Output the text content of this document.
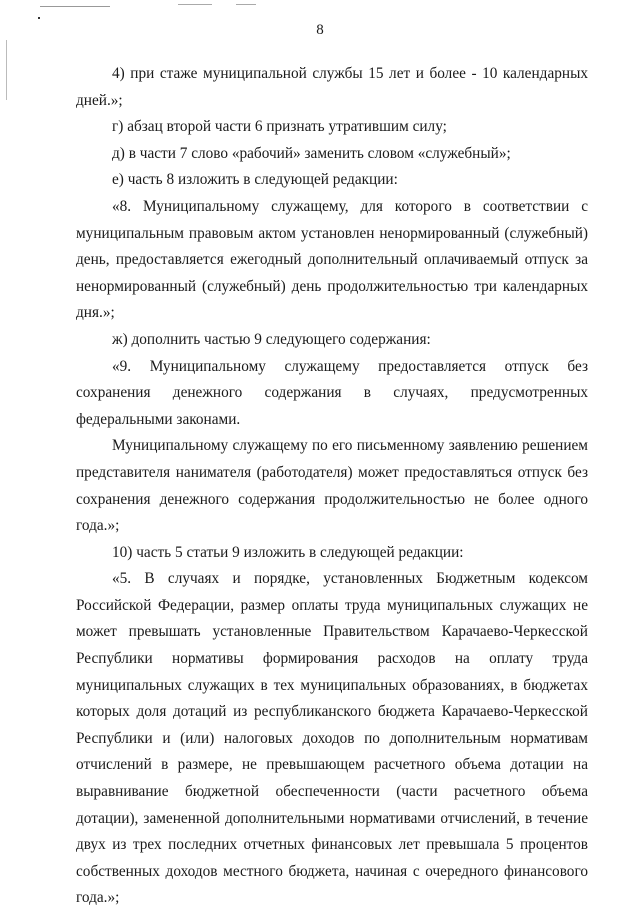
8

4) при стаже муниципальной службы 15 лет и более - 10 календарных дней.»;

г) абзац второй части 6 признать утратившим силу;

д) в части 7 слово «рабочий» заменить словом «служебный»;

е) часть 8 изложить в следующей редакции:

«8. Муниципальному служащему, для которого в соответствии с муниципальным правовым актом установлен ненормированный (служебный) день, предоставляется ежегодный дополнительный оплачиваемый отпуск за ненормированный (служебный) день продолжительностью три календарных дня.»;

ж) дополнить частью 9 следующего содержания:

«9. Муниципальному служащему предоставляется отпуск без сохранения денежного содержания в случаях, предусмотренных федеральными законами.

Муниципальному служащему по его письменному заявлению решением представителя нанимателя (работодателя) может предоставляться отпуск без сохранения денежного содержания продолжительностью не более одного года.»;

10) часть 5 статьи 9 изложить в следующей редакции:

«5. В случаях и порядке, установленных Бюджетным кодексом Российской Федерации, размер оплаты труда муниципальных служащих не может превышать установленные Правительством Карачаево-Черкесской Республики нормативы формирования расходов на оплату труда муниципальных служащих в тех муниципальных образованиях, в бюджетах которых доля дотаций из республиканского бюджета Карачаево-Черкесской Республики и (или) налоговых доходов по дополнительным нормативам отчислений в размере, не превышающем расчетного объема дотации на выравнивание бюджетной обеспеченности (части расчетного объема дотации), замененной дополнительными нормативами отчислений, в течение двух из трех последних отчетных финансовых лет превышала 5 процентов собственных доходов местного бюджета, начиная с очередного финансового года.»;
